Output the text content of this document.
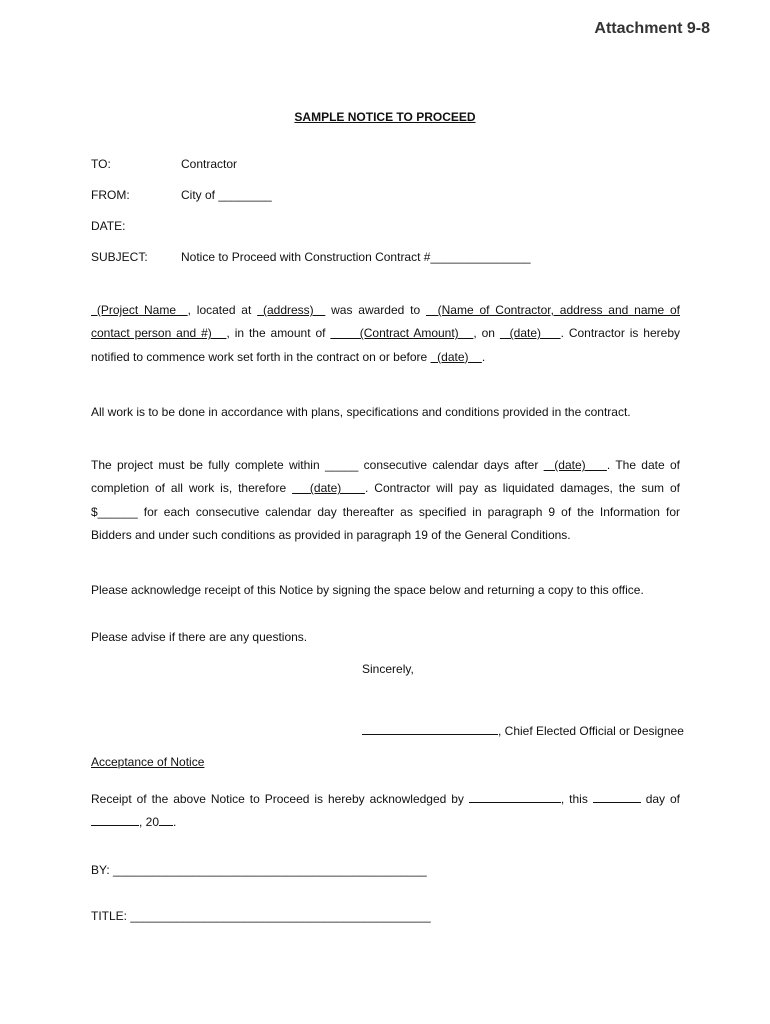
Attachment 9-8
SAMPLE NOTICE TO PROCEED
TO:	Contractor
FROM:	City of ________
DATE:
SUBJECT:	Notice to Proceed with Construction Contract #_______________
(Project Name  , located at  (address)   was awarded to   (Name of Contractor, address and name of
contact person and #)   , in the amount of       (Contract Amount)   , on   (date)    . Contractor is hereby
notified to commence work set forth in the contract on or before   (date)    .
All work is to be done in accordance with plans, specifications and conditions provided in the contract.
The project must be fully complete within _____ consecutive calendar days after   (date)    . The date of
completion of all work is, therefore    (date)    . Contractor will pay as liquidated damages, the sum of
$______ for each consecutive calendar day thereafter as specified in paragraph 9 of the Information for
Bidders and under such conditions as provided in paragraph 19 of the General Conditions.
Please acknowledge receipt of this Notice by signing the space below and returning a copy to this office.
Please advise if there are any questions.
Sincerely,
, Chief Elected Official or Designee
Acceptance of Notice
Receipt of the above Notice to Proceed is hereby acknowledged by	, this	day of
, 20 .
BY: _______________________________________________
TITLE: _____________________________________________
